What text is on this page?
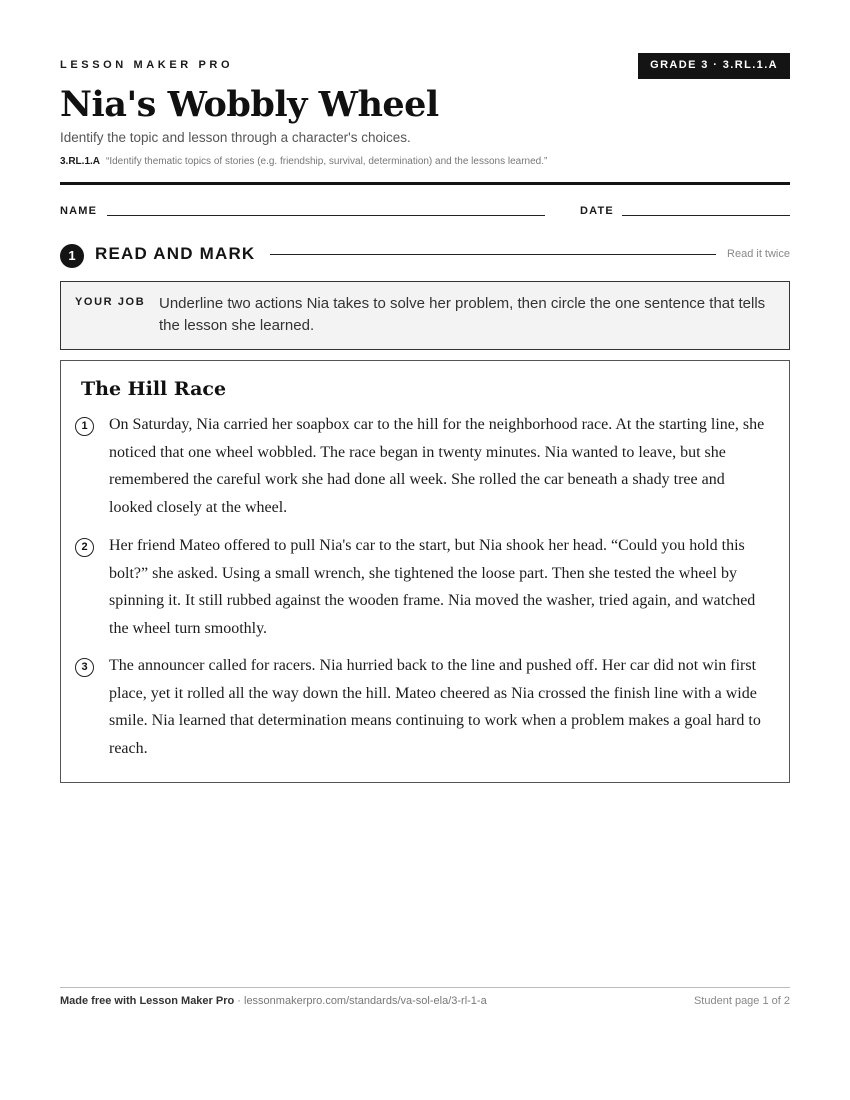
LESSON MAKER PRO	GRADE 3 · 3.RL.1.A
Nia's Wobbly Wheel
Identify the topic and lesson through a character's choices.
3.RL.1.A “Identify thematic topics of stories (e.g. friendship, survival, determination) and the lessons learned.”
NAME	DATE
1	READ AND MARK	Read it twice
YOUR JOB Underline two actions Nia takes to solve her problem, then circle the one sentence that tells the lesson she learned.
The Hill Race
1	On Saturday, Nia carried her soapbox car to the hill for the neighborhood race. At the starting line, she noticed that one wheel wobbled. The race began in twenty minutes. Nia wanted to leave, but she remembered the careful work she had done all week. She rolled the car beneath a shady tree and looked closely at the wheel.
2	Her friend Mateo offered to pull Nia's car to the start, but Nia shook her head. “Could you hold this bolt?” she asked. Using a small wrench, she tightened the loose part. Then she tested the wheel by spinning it. It still rubbed against the wooden frame. Nia moved the washer, tried again, and watched the wheel turn smoothly.
3	The announcer called for racers. Nia hurried back to the line and pushed off. Her car did not win first place, yet it rolled all the way down the hill. Mateo cheered as Nia crossed the finish line with a wide smile. Nia learned that determination means continuing to work when a problem makes a goal hard to reach.
Made free with Lesson Maker Pro · lessonmakerpro.com/standards/va-sol-ela/3-rl-1-a	Student page 1 of 2
